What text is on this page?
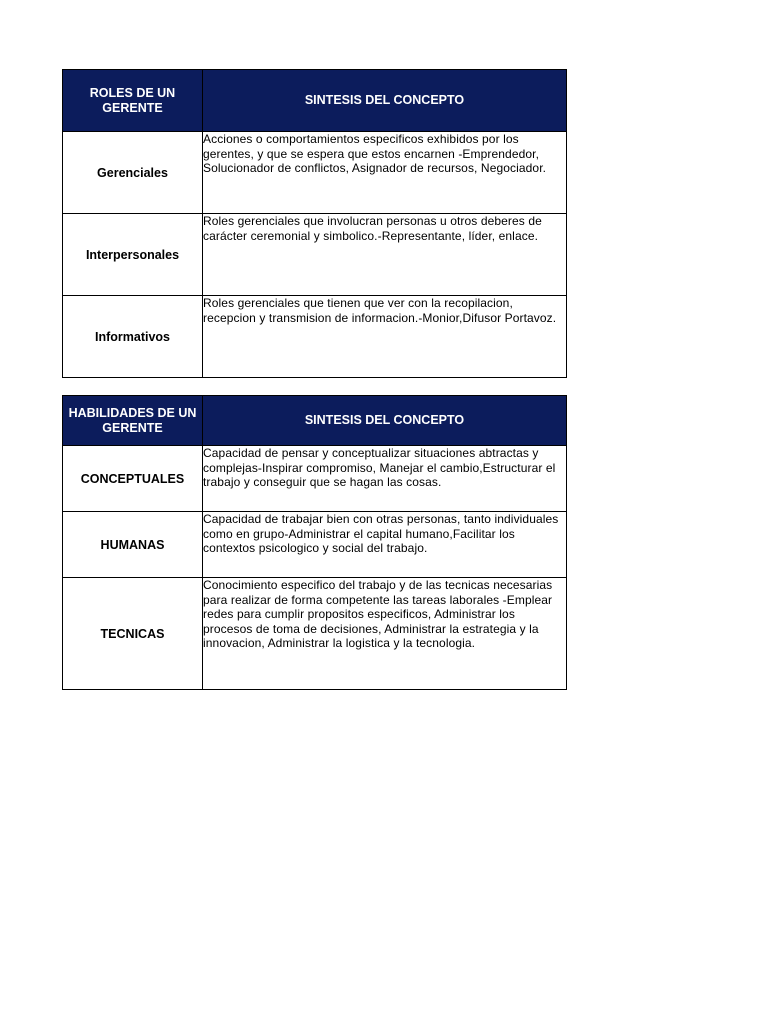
ROLES DE UN GERENTE	SINTESIS DEL CONCEPTO
Gerenciales	Acciones o comportamientos especificos exhibidos por los gerentes, y que se espera que estos encarnen -Emprendedor, Solucionador de conflictos, Asignador de recursos, Negociador.
Interpersonales	Roles gerenciales que involucran personas u otros deberes de carácter ceremonial y simbolico.-Representante, líder, enlace.
Informativos	Roles gerenciales que tienen que ver con la recopilacion, recepcion y transmision de informacion.-Monior,Difusor Portavoz.
HABILIDADES DE UN GERENTE	SINTESIS DEL CONCEPTO
CONCEPTUALES	Capacidad de pensar y conceptualizar situaciones abtractas y complejas-Inspirar compromiso, Manejar el cambio,Estructurar el trabajo y conseguir que se hagan las cosas.
HUMANAS	Capacidad de trabajar bien con otras personas, tanto individuales como en grupo-Administrar el capital humano,Facilitar los contextos psicologico y social del trabajo.
TECNICAS	Conocimiento especifico del trabajo y de las tecnicas necesarias para realizar de forma competente las tareas laborales -Emplear redes para cumplir propositos especificos, Administrar los procesos de toma de decisiones, Administrar la estrategia y la innovacion, Administrar la logistica y la tecnologia.
